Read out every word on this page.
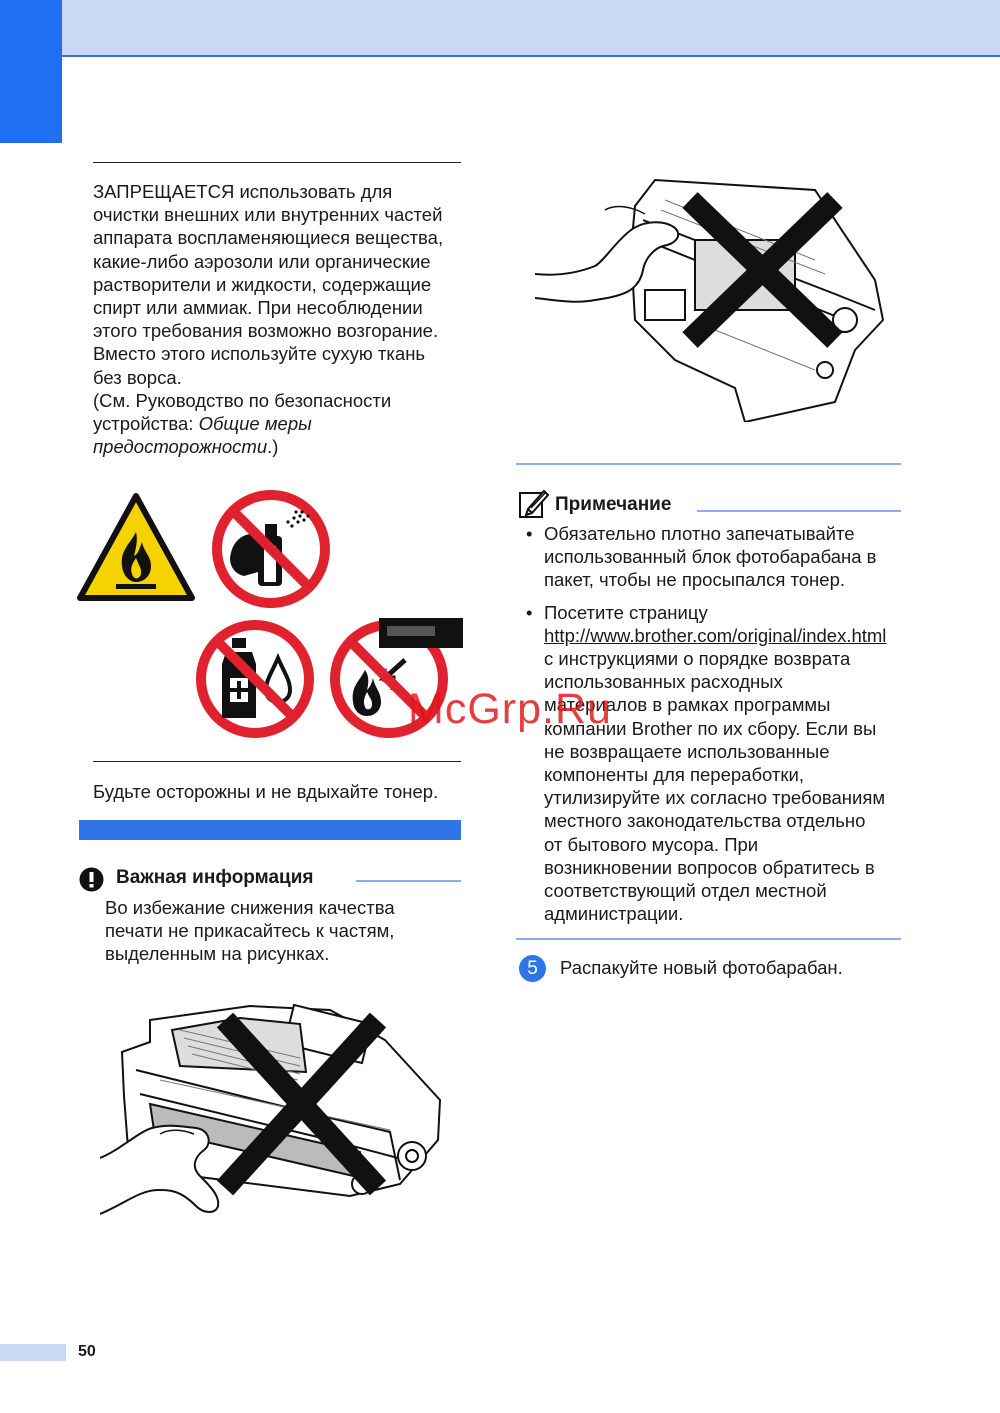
ЗАПРЕЩАЕТСЯ использовать для
очистки внешних или внутренних частей
аппарата воспламеняющиеся вещества,
какие-либо аэрозоли или органические
растворители и жидкости, содержащие
спирт или аммиак. При несоблюдении
этого требования возможно возгорание.
Вместо этого используйте сухую ткань
без ворса.
(См. Руководство по безопасности
устройства: Общие меры
предосторожности.)
Будьте осторожны и не вдыхайте тонер.
Важная информация
Во избежание снижения качества
печати не прикасайтесь к частям,
выделенным на рисунках.
Примечание
• Обязательно плотно запечатывайте
использованный блок фотобарабана в
пакет, чтобы не просыпался тонер.
• Посетите страницу
http://www.brother.com/original/index.html
с инструкциями о порядке возврата
использованных расходных
материалов в рамках программы
компании Brother по их сбору. Если вы
не возвращаете использованные
компоненты для переработки,
утилизируйте их согласно требованиям
местного законодательства отдельно
от бытового мусора. При
возникновении вопросов обратитесь в
соответствующий отдел местной
администрации.
5	Распакуйте новый фотобарабан.
McGrp.Ru
50
